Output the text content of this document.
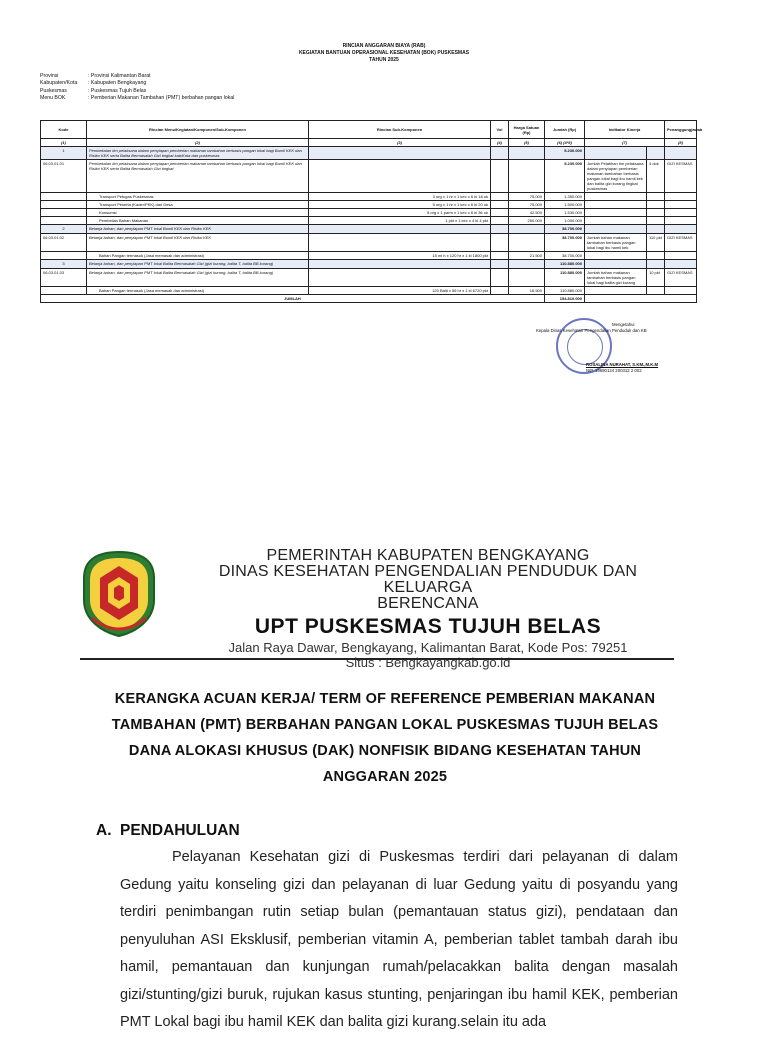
RINCIAN ANGGARAN BIAYA (RAB)
KEGIATAN BANTUAN OPERASIONAL KESEHATAN (BOK) PUSKESMAS
TAHUN 2025
Provinsi	: Provinsi Kalimantan Barat
Kabupaten/Kota	: Kabupaten Bengkayang
Puskesmas	: Puskesmas Tujuh Belas
Menu BOK	: Pemberian Makanan Tambahan (PMT) berbahan pangan lokal
Kode	Rincian Menu/Kegiatan/Komponen/Sub-Komponen	Rincian Sub-Komponen	Vol	Harga Satuan (Rp)	Jumlah (Rp)	Indikator Kinerja		Penanggungjawab
(1)	(2)	(3)	(4)	(5)	(6) (4*5)	(7)		(8)
1	Pembekalan tim pelaksana dalam penyiapan pemberian makanan tambahan berbasis pangan lokal bagi Bumil KEK dan Risiko KEK serta Balita Bermasalah Gizi tingkat kab/Kota dan puskesmas				5.230.000			
06.03.01.01	Pembekalan tim pelaksana dalam penyiapan pemberian makanan tambahan berbasis pangan lokal bagi Bumil KEK dan Risiko KEK serta Balita Bermasalah Gizi tingkat				5.230.000	Jumlah Pelatihan tim pelaksana dalam penyiapan pemberian makanan tambahan berbasis pangan lokal bagi ibu hamil kek dan balita gizi kurang tingkat puskesmas	4 dok	GIZI KESMAS
	Transport Petugas Puskesmas	3 org x 1 hr x 1 kec x 6 kl 18 ok		75.000	1.350.000			
	Transport Peserta (Kader/PKK) dari Desa	5 org x 1 hr x 1 kec x 6 kl 20 ok		75.000	1.500.000			
	Konsumsi	8 org x 1 parm x 1 kec x 6 kl 36 ok		42.500	1.530.000			
	Pembelian Bahan Makanan	1 pkt x 1 kec x 4 kl 4 pkt		250.000	1.000.000			
2	Belanja bahan, dan penyiapan PMT lokal Bumil KEK dan Risiko KEK				38.700.000			
06.03.01.02	Belanja bahan, dan penyiapan PMT lokal Bumil KEK dan Risiko KEK				38.700.000	Jumlah bahan makanan tambahan berbasis pangan lokal bagi ibu hamil kek	110 pkt	GIZI KESMAS
	Bahan Pangan termasuk (Jasa memasak dan administrasi)	15 ml h x 120 hr x 1 kl 1800 pkt		21.500	38.700.000			
3	Belanja bahan, dan penyiapan PMT lokal Balita Bermasalah Gizi (gizi kurang, balita T, balita BB kurang)				110.880.000			
06.03.01.03	Belanja bahan, dan penyiapan PMT lokal Balita Bermasalah Gizi (gizi kurang, balita T, balita BB kurang)				110.880.000	Jumlah bahan makanan tambahan berbasis pangan lokal bagi balita gizi kurang	10 pkt	GIZI KESMAS
	Bahan Pangan termasuk (Jasa memasak dan administrasi)	120 Balit x 56 hr x 1 kl 6720 pkt		16.500	110.880.000			
JUMLAH					154.810.000			
Mengetahui
Kepala Dinas Kesehatan Pengendalian Penduduk dan KB
ROSALINA NURAHAT, S.KM.,M.K.M
NIP. 19690124 200312 2 002
PEMERINTAH KABUPATEN BENGKAYANG
DINAS KESEHATAN PENGENDALIAN PENDUDUK DAN KELUARGA
BERENCANA
UPT PUSKESMAS TUJUH BELAS
Jalan Raya Dawar, Bengkayang, Kalimantan Barat, Kode Pos: 79251
Situs : Bengkayangkab.go.id
KERANGKA ACUAN KERJA/ TERM OF REFERENCE PEMBERIAN MAKANAN TAMBAHAN (PMT) BERBAHAN PANGAN LOKAL PUSKESMAS TUJUH BELAS DANA ALOKASI KHUSUS (DAK) NONFISIK BIDANG KESEHATAN TAHUN ANGGARAN 2025
A. PENDAHULUAN
Pelayanan Kesehatan gizi di Puskesmas terdiri dari pelayanan di dalam Gedung yaitu konseling gizi dan pelayanan di luar Gedung yaitu di posyandu yang terdiri penimbangan rutin setiap bulan (pemantauan status gizi), pendataan dan penyuluhan ASI Eksklusif, pemberian vitamin A, pemberian tablet tambah darah ibu hamil, pemantauan dan kunjungan rumah/pelacakkan balita dengan masalah gizi/stunting/gizi buruk, rujukan kasus stunting, penjaringan ibu hamil KEK, pemberian PMT Lokal bagi ibu hamil KEK dan balita gizi kurang.selain itu ada
